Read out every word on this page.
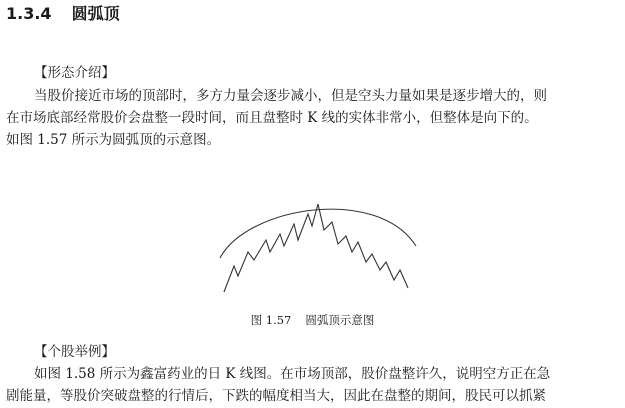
1.3.4 圆弧顶
【形态介绍】
当股价接近市场的顶部时，多方力量会逐步减小，但是空头力量如果是逐步增大的，则
在市场底部经常股价会盘整一段时间，而且盘整时 K 线的实体非常小，但整体是向下的。
如图 1.57 所示为圆弧顶的示意图。
图 1.57 圆弧顶示意图
【个股举例】
如图 1.58 所示为鑫富药业的日 K 线图。在市场顶部，股价盘整许久，说明空方正在急
剧能量，等股价突破盘整的行情后，下跌的幅度相当大，因此在盘整的期间，股民可以抓紧
